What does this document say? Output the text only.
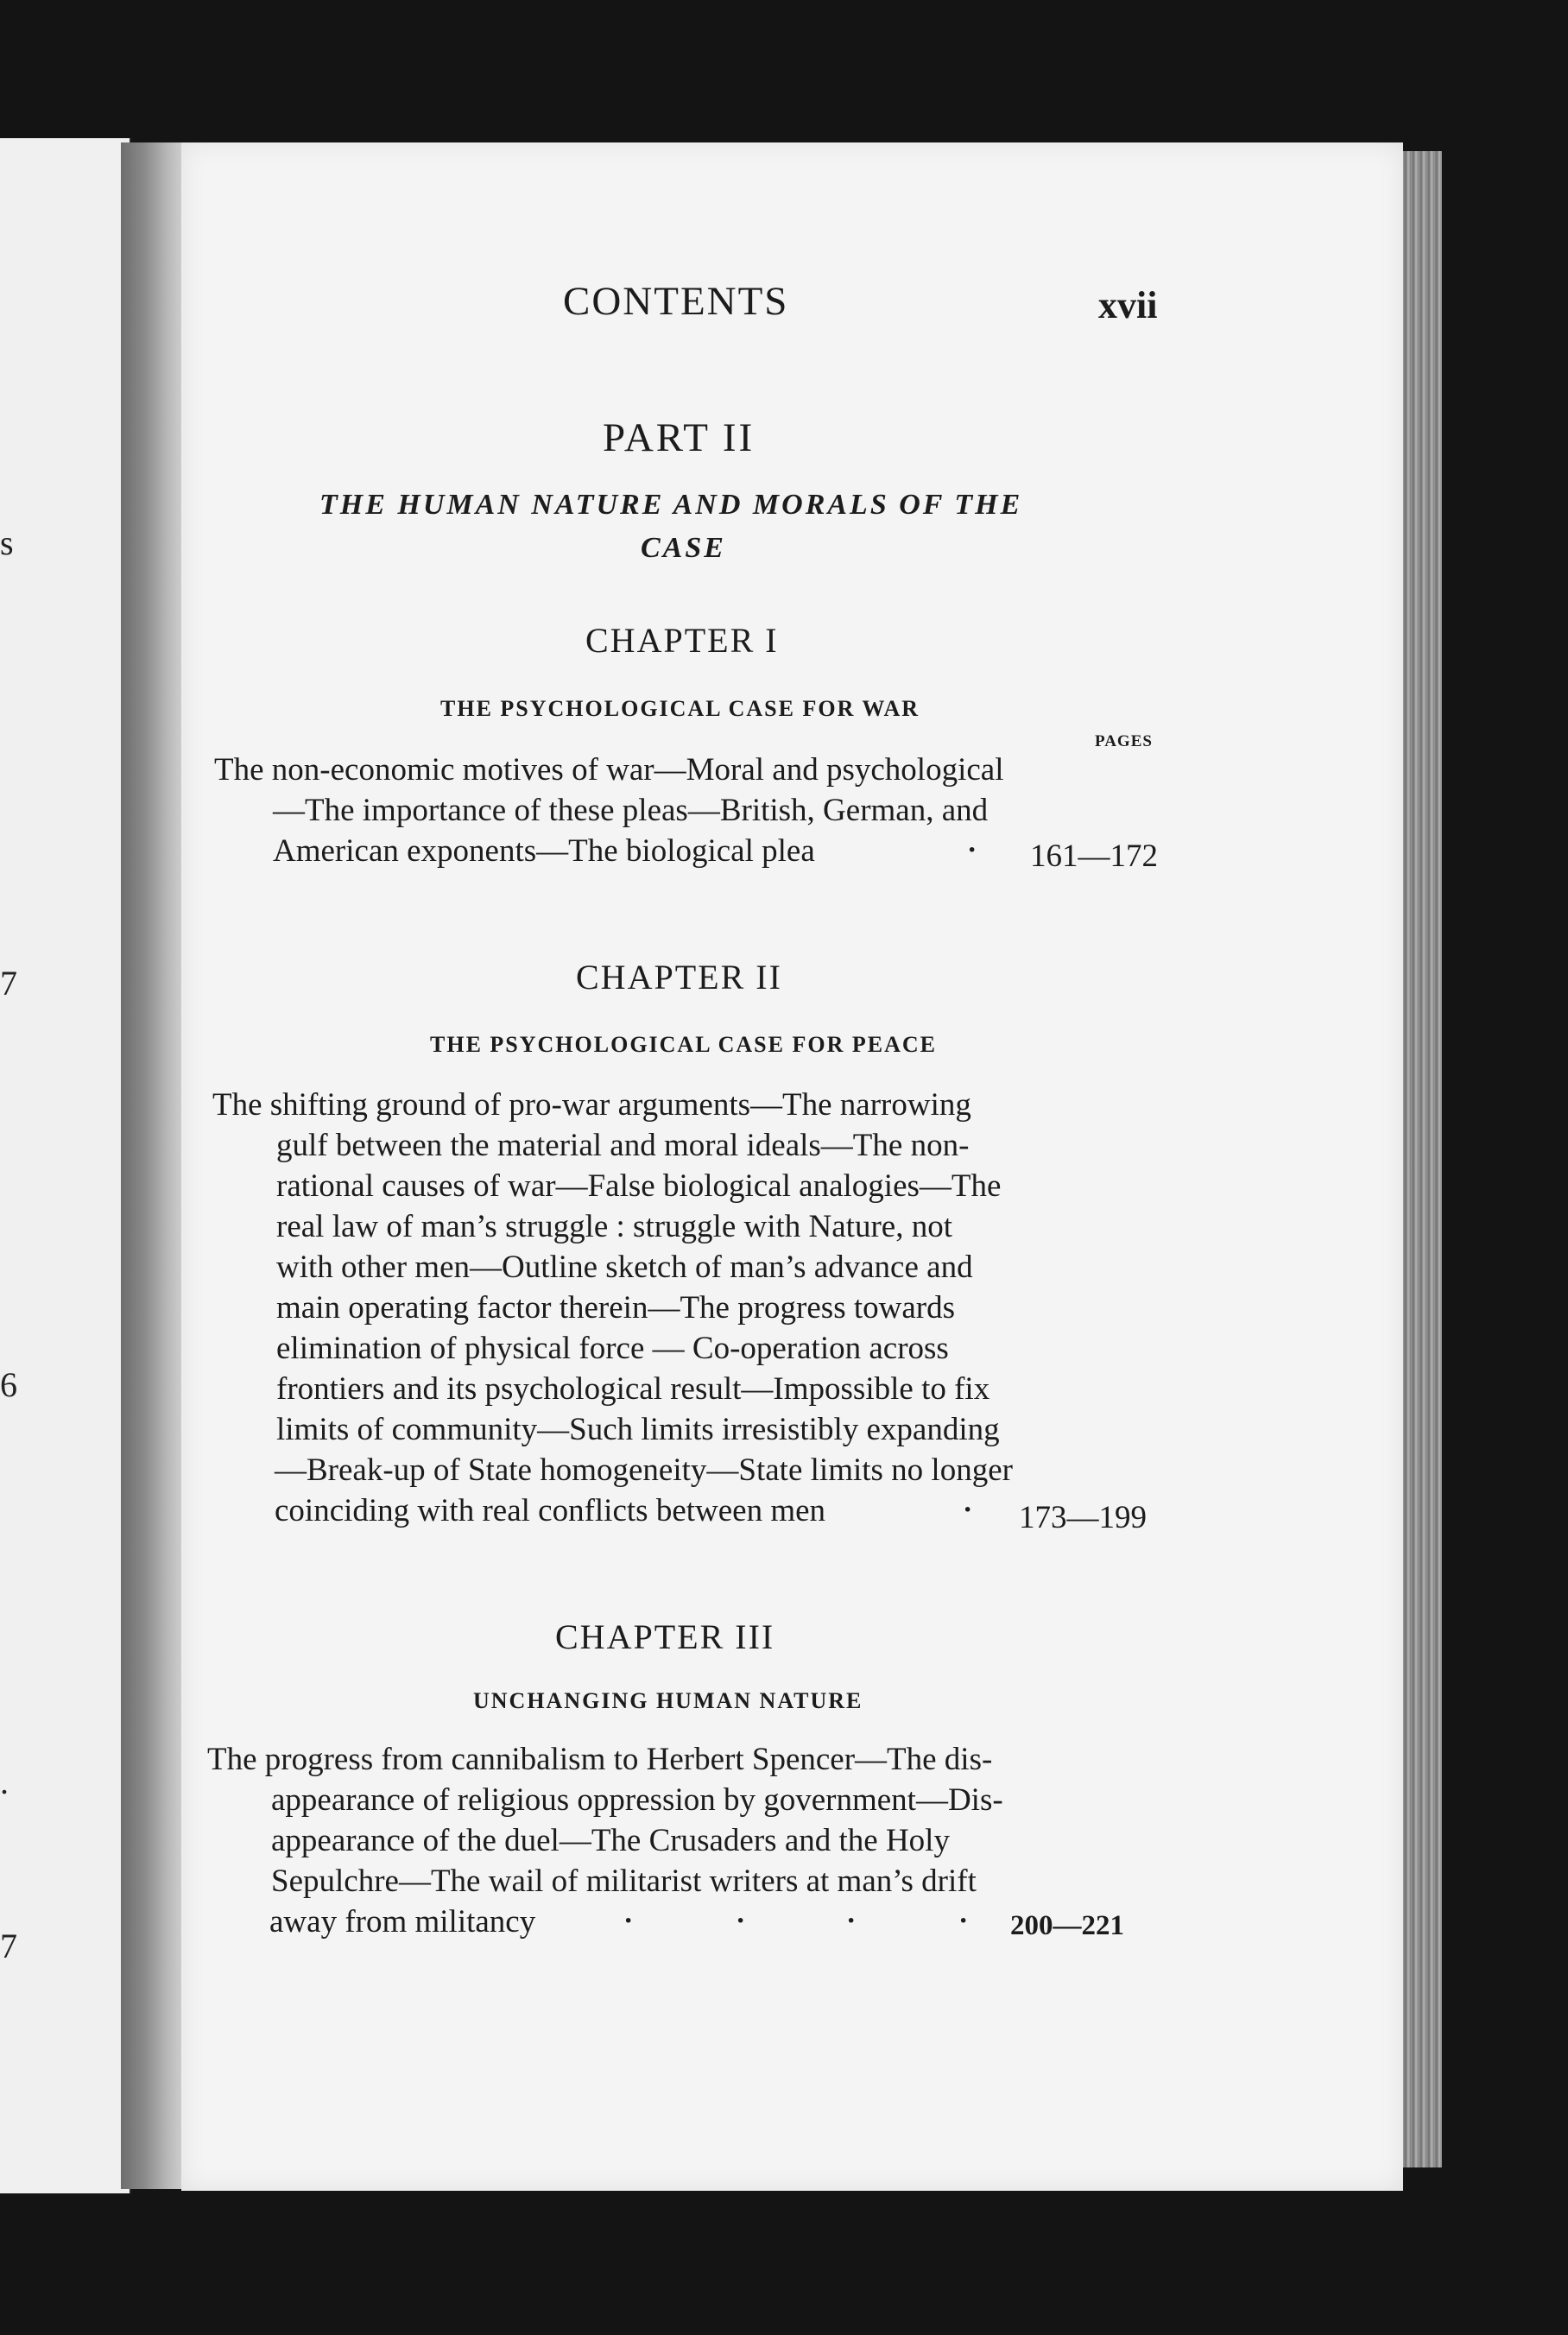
s
7
6
.
7
CONTENTS	xvii
PART II
THE HUMAN NATURE AND MORALS OF THE
CASE
CHAPTER I
THE PSYCHOLOGICAL CASE FOR WAR
PAGES
The non-economic motives of war—Moral and psychological
—The importance of these pleas—British, German, and
American exponents—The biological plea	· 161—172
CHAPTER II
THE PSYCHOLOGICAL CASE FOR PEACE
The shifting ground of pro-war arguments—The narrowing
gulf between the material and moral ideals—The non-
rational causes of war—False biological analogies—The
real law of man’s struggle : struggle with Nature, not
with other men—Outline sketch of man’s advance and
main operating factor therein—The progress towards
elimination of physical force — Co-operation across
frontiers and its psychological result—Impossible to fix
limits of community—Such limits irresistibly expanding
—Break-up of State homogeneity—State limits no longer
coinciding with real conflicts between men	· 173—199
CHAPTER III
UNCHANGING HUMAN NATURE
The progress from cannibalism to Herbert Spencer—The dis-
appearance of religious oppression by government—Dis-
appearance of the duel—The Crusaders and the Holy
Sepulchre—The wail of militarist writers at man’s drift
away from militancy	·	·	·	· 200—221
